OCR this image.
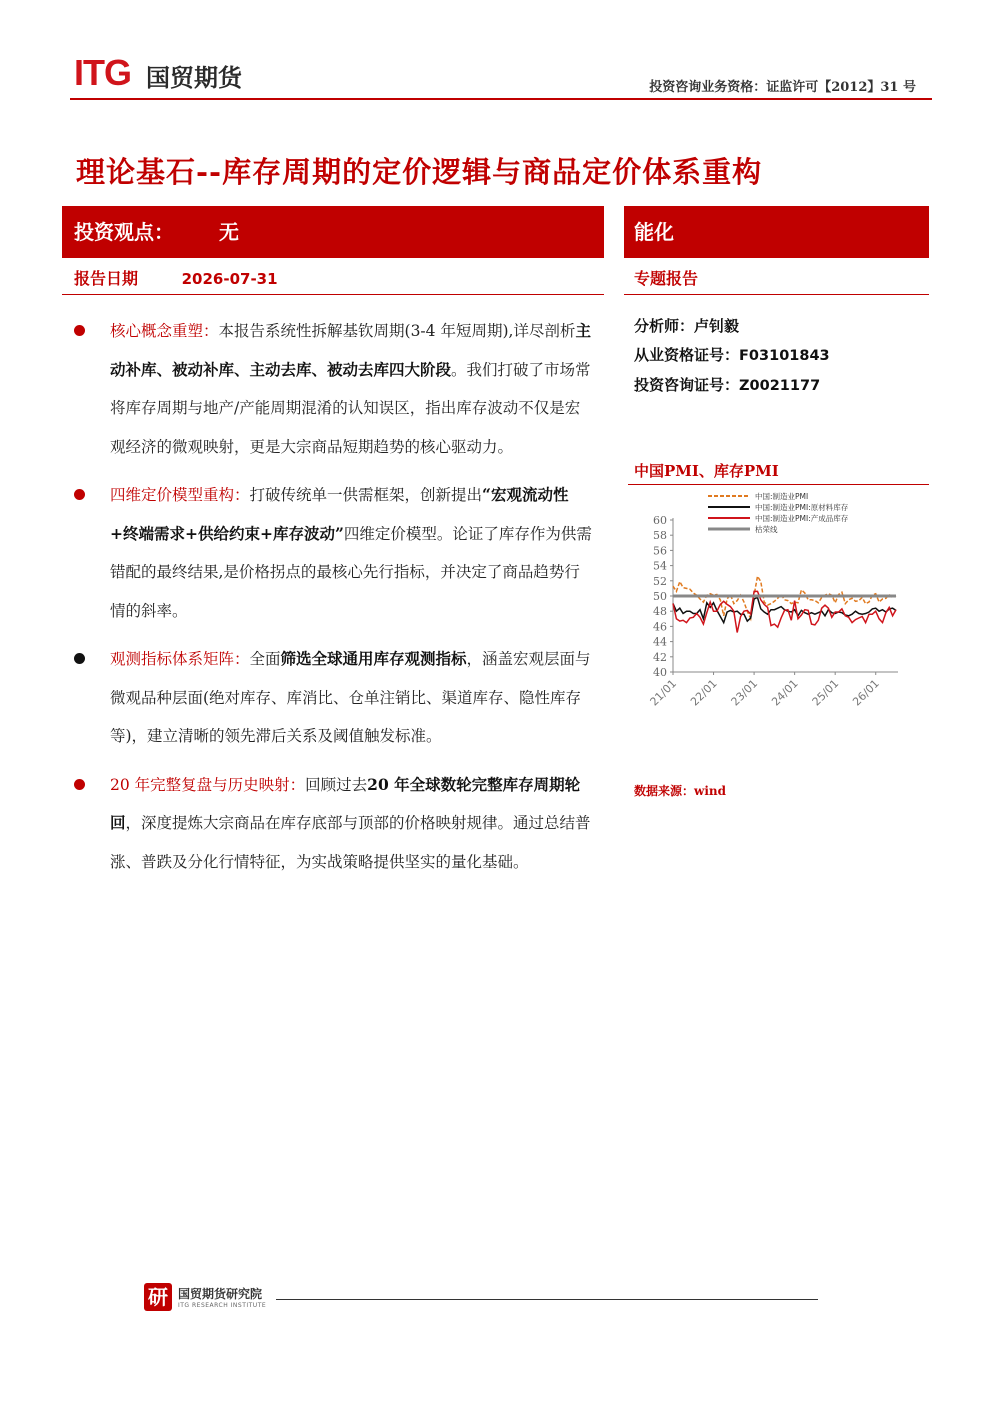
ITG 国贸期货	投资咨询业务资格：证监许可【2012】31 号
理论基石--库存周期的定价逻辑与商品定价体系重构
投资观点： 无	能化
报告日期	2026-07-31	专题报告
核心概念重塑：本报告系统性拆解基钦周期(3-4 年短周期),详尽剖析主动补库、被动补库、主动去库、被动去库四大阶段。我们打破了市场常将库存周期与地产/产能周期混淆的认知误区，指出库存波动不仅是宏观经济的微观映射，更是大宗商品短期趋势的核心驱动力。
四维定价模型重构：打破传统单一供需框架，创新提出“宏观流动性+终端需求+供给约束+库存波动”四维定价模型。论证了库存作为供需错配的最终结果,是价格拐点的最核心先行指标，并决定了商品趋势行情的斜率。
观测指标体系矩阵：全面筛选全球通用库存观测指标，涵盖宏观层面与微观品种层面(绝对库存、库消比、仓单注销比、渠道库存、隐性库存等)，建立清晰的领先滞后关系及阈值触发标准。
20 年完整复盘与历史映射：回顾过去20 年全球数轮完整库存周期轮回，深度提炼大宗商品在库存底部与顶部的价格映射规律。通过总结普涨、普跌及分化行情特征，为实战策略提供坚实的量化基础。
分析师：卢钊毅
从业资格证号：F03101843
投资咨询证号：Z0021177
中国PMI、库存PMI
40
42
44
46
48
50
52
54
56
58
60
21/01 22/01 23/01 24/01 25/01 26/01
中国:制造业PMI
中国:制造业PMI:原材料库存
中国:制造业PMI:产成品库存
枯荣线
数据来源：wind
研 国贸期货研究院
ITG RESEARCH INSTITUTE
